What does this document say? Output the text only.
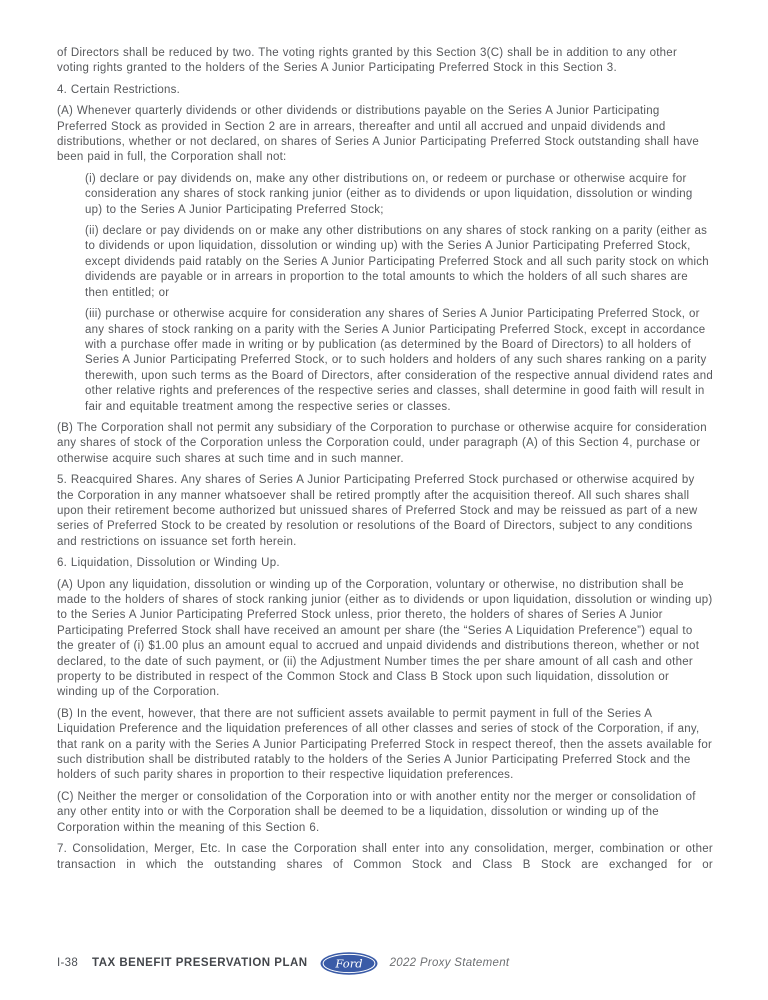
of Directors shall be reduced by two. The voting rights granted by this Section 3(C) shall be in addition to any other voting rights granted to the holders of the Series A Junior Participating Preferred Stock in this Section 3.

4. Certain Restrictions.

(A) Whenever quarterly dividends or other dividends or distributions payable on the Series A Junior Participating Preferred Stock as provided in Section 2 are in arrears, thereafter and until all accrued and unpaid dividends and distributions, whether or not declared, on shares of Series A Junior Participating Preferred Stock outstanding shall have been paid in full, the Corporation shall not:

(i) declare or pay dividends on, make any other distributions on, or redeem or purchase or otherwise acquire for consideration any shares of stock ranking junior (either as to dividends or upon liquidation, dissolution or winding up) to the Series A Junior Participating Preferred Stock;

(ii) declare or pay dividends on or make any other distributions on any shares of stock ranking on a parity (either as to dividends or upon liquidation, dissolution or winding up) with the Series A Junior Participating Preferred Stock, except dividends paid ratably on the Series A Junior Participating Preferred Stock and all such parity stock on which dividends are payable or in arrears in proportion to the total amounts to which the holders of all such shares are then entitled; or

(iii) purchase or otherwise acquire for consideration any shares of Series A Junior Participating Preferred Stock, or any shares of stock ranking on a parity with the Series A Junior Participating Preferred Stock, except in accordance with a purchase offer made in writing or by publication (as determined by the Board of Directors) to all holders of Series A Junior Participating Preferred Stock, or to such holders and holders of any such shares ranking on a parity therewith, upon such terms as the Board of Directors, after consideration of the respective annual dividend rates and other relative rights and preferences of the respective series and classes, shall determine in good faith will result in fair and equitable treatment among the respective series or classes.

(B) The Corporation shall not permit any subsidiary of the Corporation to purchase or otherwise acquire for consideration any shares of stock of the Corporation unless the Corporation could, under paragraph (A) of this Section 4, purchase or otherwise acquire such shares at such time and in such manner.

5. Reacquired Shares. Any shares of Series A Junior Participating Preferred Stock purchased or otherwise acquired by the Corporation in any manner whatsoever shall be retired promptly after the acquisition thereof. All such shares shall upon their retirement become authorized but unissued shares of Preferred Stock and may be reissued as part of a new series of Preferred Stock to be created by resolution or resolutions of the Board of Directors, subject to any conditions and restrictions on issuance set forth herein.

6. Liquidation, Dissolution or Winding Up.

(A) Upon any liquidation, dissolution or winding up of the Corporation, voluntary or otherwise, no distribution shall be made to the holders of shares of stock ranking junior (either as to dividends or upon liquidation, dissolution or winding up) to the Series A Junior Participating Preferred Stock unless, prior thereto, the holders of shares of Series A Junior Participating Preferred Stock shall have received an amount per share (the “Series A Liquidation Preference”) equal to the greater of (i) $1.00 plus an amount equal to accrued and unpaid dividends and distributions thereon, whether or not declared, to the date of such payment, or (ii) the Adjustment Number times the per share amount of all cash and other property to be distributed in respect of the Common Stock and Class B Stock upon such liquidation, dissolution or winding up of the Corporation.

(B) In the event, however, that there are not sufficient assets available to permit payment in full of the Series A Liquidation Preference and the liquidation preferences of all other classes and series of stock of the Corporation, if any, that rank on a parity with the Series A Junior Participating Preferred Stock in respect thereof, then the assets available for such distribution shall be distributed ratably to the holders of the Series A Junior Participating Preferred Stock and the holders of such parity shares in proportion to their respective liquidation preferences.

(C) Neither the merger or consolidation of the Corporation into or with another entity nor the merger or consolidation of any other entity into or with the Corporation shall be deemed to be a liquidation, dissolution or winding up of the Corporation within the meaning of this Section 6.

7. Consolidation, Merger, Etc. In case the Corporation shall enter into any consolidation, merger, combination or other transaction in which the outstanding shares of Common Stock and Class B Stock are exchanged for or

I-38 TAX BENEFIT PRESERVATION PLAN Ford 2022 Proxy Statement
